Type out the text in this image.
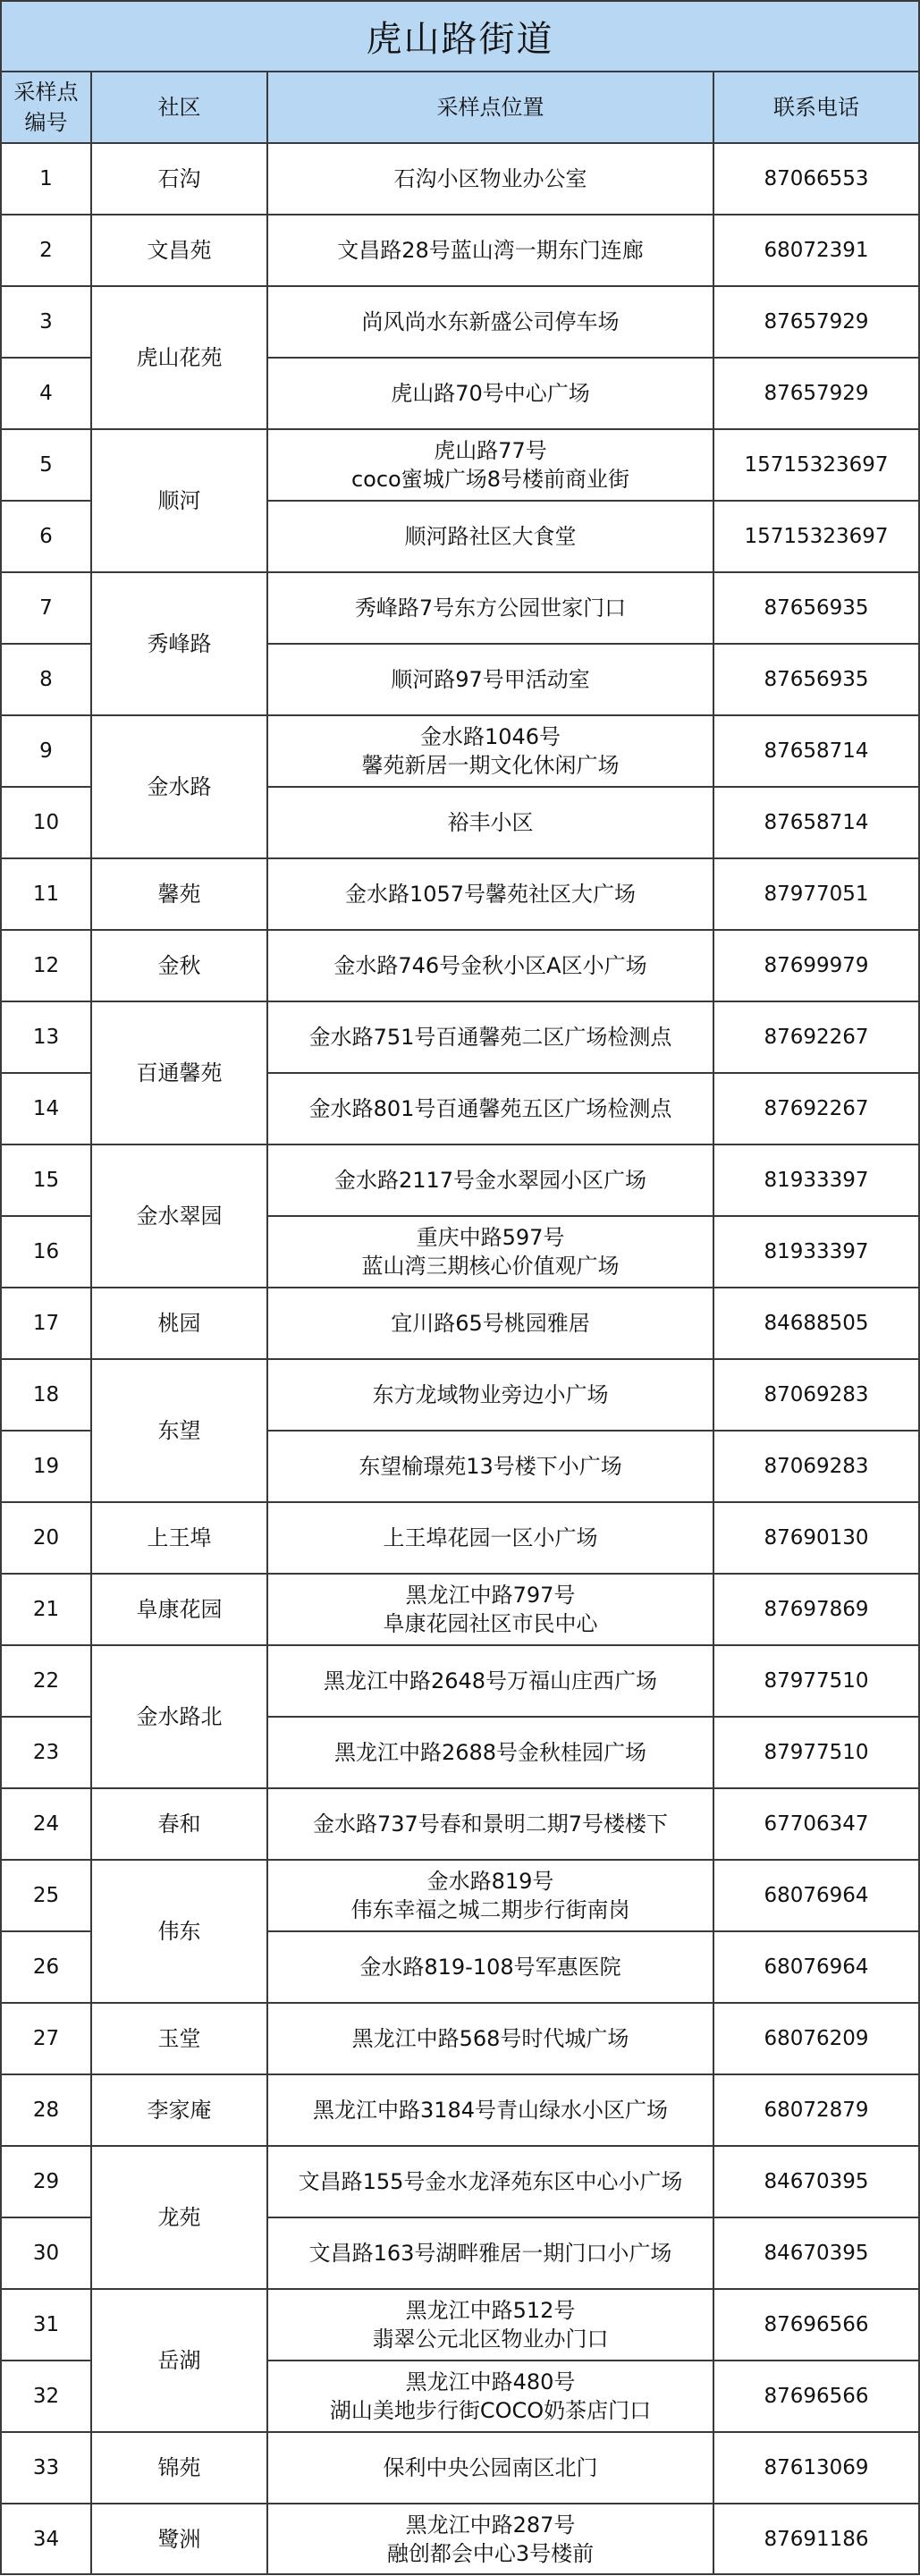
虎山路街道			
采样点编号	社区	采样点位置	联系电话
1	石沟	石沟小区物业办公室	87066553
2	文昌苑	文昌路28号蓝山湾一期东门连廊	68072391
3	虎山花苑	尚风尚水东新盛公司停车场	87657929
4		虎山路70号中心广场	87657929
5	顺河	虎山路77号
coco蜜城广场8号楼前商业街	15715323697
6		顺河路社区大食堂	15715323697
7	秀峰路	秀峰路7号东方公园世家门口	87656935
8		顺河路97号甲活动室	87656935
9	金水路	金水路1046号
馨苑新居一期文化休闲广场	87658714
10		裕丰小区	87658714
11	馨苑	金水路1057号馨苑社区大广场	87977051
12	金秋	金水路746号金秋小区A区小广场	87699979
13	百通馨苑	金水路751号百通馨苑二区广场检测点	87692267
14		金水路801号百通馨苑五区广场检测点	87692267
15	金水翠园	金水路2117号金水翠园小区广场	81933397
16		重庆中路597号
蓝山湾三期核心价值观广场	81933397
17	桃园	宜川路65号桃园雅居	84688505
18	东望	东方龙域物业旁边小广场	87069283
19		东望榆璟苑13号楼下小广场	87069283
20	上王埠	上王埠花园一区小广场	87690130
21	阜康花园	黑龙江中路797号
阜康花园社区市民中心	87697869
22	金水路北	黑龙江中路2648号万福山庄西广场	87977510
23		黑龙江中路2688号金秋桂园广场	87977510
24	春和	金水路737号春和景明二期7号楼楼下	67706347
25	伟东	金水路819号
伟东幸福之城二期步行街南岗	68076964
26		金水路819-108号军惠医院	68076964
27	玉堂	黑龙江中路568号时代城广场	68076209
28	李家庵	黑龙江中路3184号青山绿水小区广场	68072879
29	龙苑	文昌路155号金水龙泽苑东区中心小广场	84670395
30		文昌路163号湖畔雅居一期门口小广场	84670395
31	岳湖	黑龙江中路512号
翡翠公元北区物业办门口	87696566
32		黑龙江中路480号
湖山美地步行街COCO奶茶店门口	87696566
33	锦苑	保利中央公园南区北门	87613069
34	鹭洲	黑龙江中路287号
融创都会中心3号楼前	87691186
